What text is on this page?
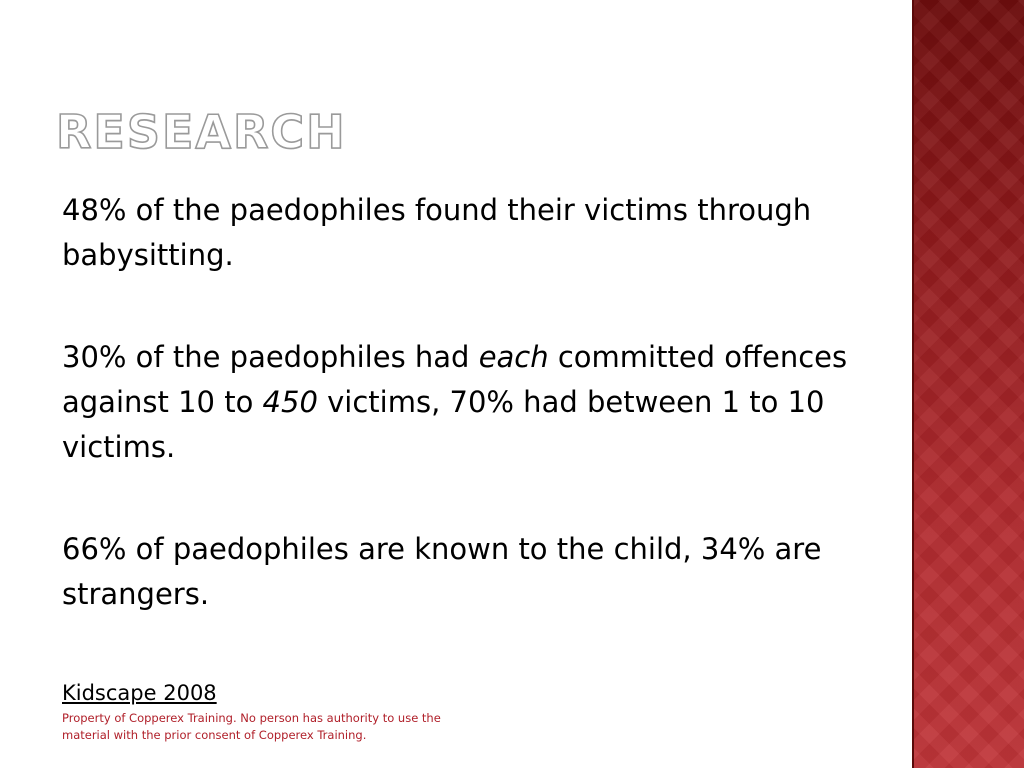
RESEARCH

48% of the paedophiles found their victims through babysitting.

30% of the paedophiles had each committed offences against 10 to 450 victims, 70% had between 1 to 10 victims.

66% of paedophiles are known to the child, 34% are strangers.

Kidscape 2008

Property of Copperex Training. No person has authority to use the material with the prior consent of Copperex Training.
